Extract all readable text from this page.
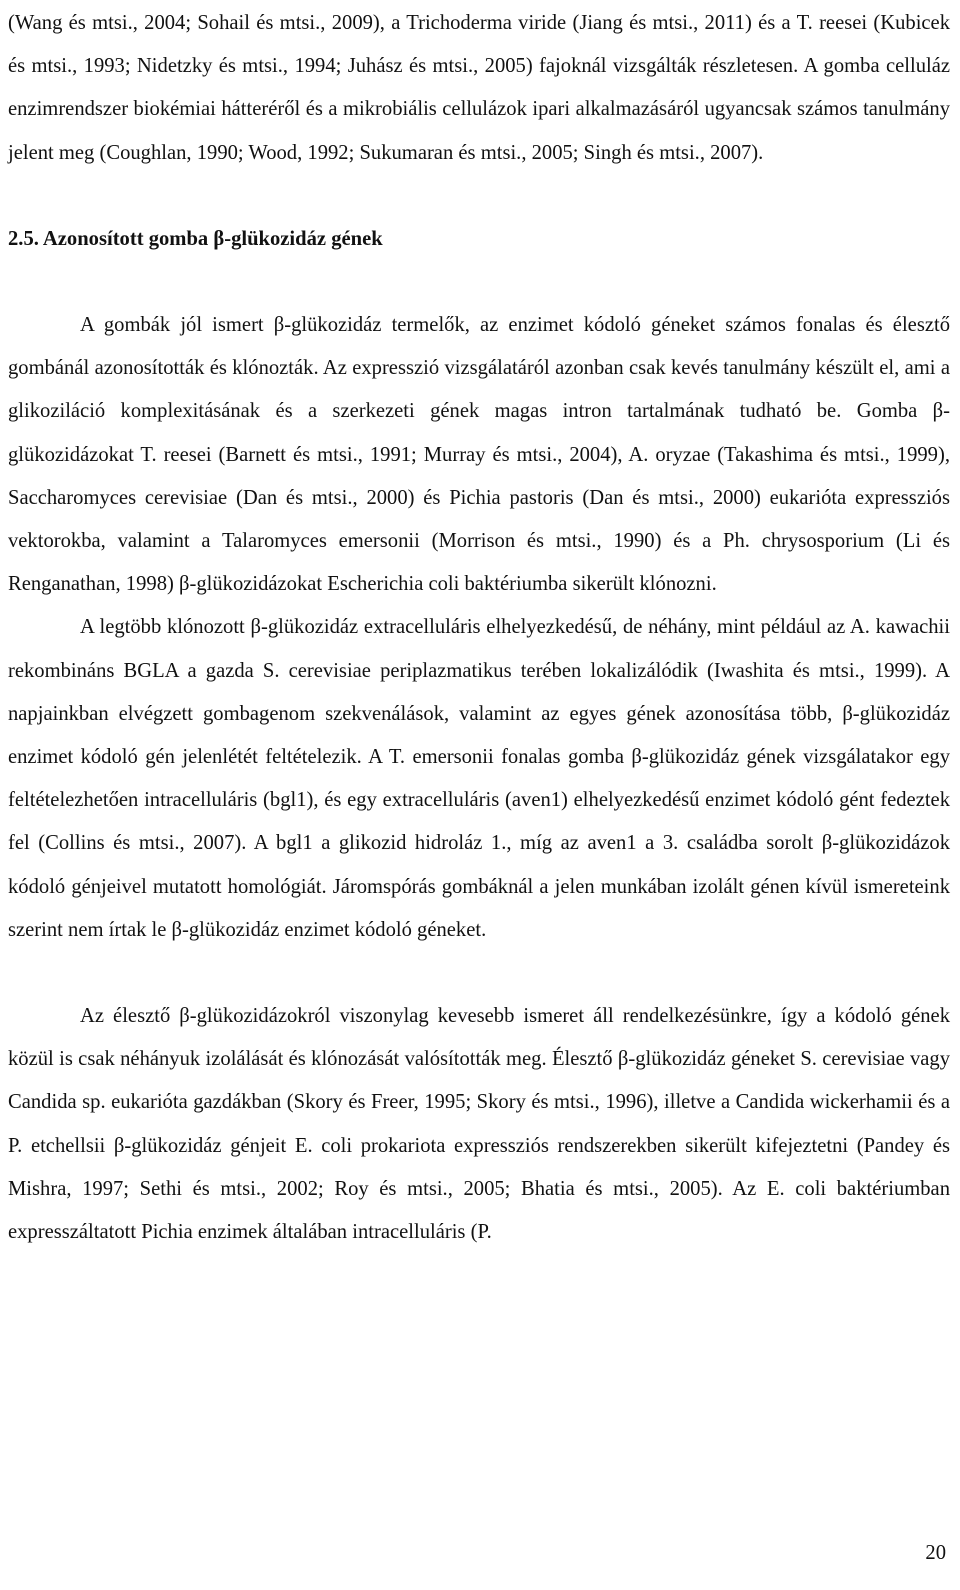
(Wang és mtsi., 2004; Sohail és mtsi., 2009), a Trichoderma viride (Jiang és mtsi., 2011) és a T. reesei (Kubicek és mtsi., 1993; Nidetzky és mtsi., 1994; Juhász és mtsi., 2005) fajoknál vizsgálták részletesen. A gomba celluláz enzimrendszer biokémiai hátteréről és a mikrobiális cellulázok ipari alkalmazásáról ugyancsak számos tanulmány jelent meg (Coughlan, 1990; Wood, 1992; Sukumaran és mtsi., 2005; Singh és mtsi., 2007).

2.5. Azonosított gomba β-glükozidáz gének

A gombák jól ismert β-glükozidáz termelők, az enzimet kódoló géneket számos fonalas és élesztő gombánál azonosították és klónozták. Az expresszió vizsgálatáról azonban csak kevés tanulmány készült el, ami a glikoziláció komplexitásának és a szerkezeti gének magas intron tartalmának tudható be. Gomba β-glükozidázokat T. reesei (Barnett és mtsi., 1991; Murray és mtsi., 2004), A. oryzae (Takashima és mtsi., 1999), Saccharomyces cerevisiae (Dan és mtsi., 2000) és Pichia pastoris (Dan és mtsi., 2000) eukarióta expressziós vektorokba, valamint a Talaromyces emersonii (Morrison és mtsi., 1990) és a Ph. chrysosporium (Li és Renganathan, 1998) β-glükozidázokat Escherichia coli baktériumba sikerült klónozni.

A legtöbb klónozott β-glükozidáz extracelluláris elhelyezkedésű, de néhány, mint például az A. kawachii rekombináns BGLA a gazda S. cerevisiae periplazmatikus terében lokalizálódik (Iwashita és mtsi., 1999). A napjainkban elvégzett gombagenom szekvenálások, valamint az egyes gének azonosítása több, β-glükozidáz enzimet kódoló gén jelenlétét feltételezik. A T. emersonii fonalas gomba β-glükozidáz gének vizsgálatakor egy feltételezhetően intracelluláris (bgl1), és egy extracelluláris (aven1) elhelyezkedésű enzimet kódoló gént fedeztek fel (Collins és mtsi., 2007). A bgl1 a glikozid hidroláz 1., míg az aven1 a 3. családba sorolt β-glükozidázok kódoló génjeivel mutatott homológiát. Járomspórás gombáknál a jelen munkában izolált génen kívül ismereteink szerint nem írtak le β-glükozidáz enzimet kódoló géneket.

Az élesztő β-glükozidázokról viszonylag kevesebb ismeret áll rendelkezésünkre, így a kódoló gének közül is csak néhányuk izolálását és klónozását valósították meg. Élesztő β-glükozidáz géneket S. cerevisiae vagy Candida sp. eukarióta gazdákban (Skory és Freer, 1995; Skory és mtsi., 1996), illetve a Candida wickerhamii és a P. etchellsii β-glükozidáz génjeit E. coli prokariota expressziós rendszerekben sikerült kifejeztetni (Pandey és Mishra, 1997; Sethi és mtsi., 2002; Roy és mtsi., 2005; Bhatia és mtsi., 2005). Az E. coli baktériumban expresszáltatott Pichia enzimek általában intracelluláris (P.

20
